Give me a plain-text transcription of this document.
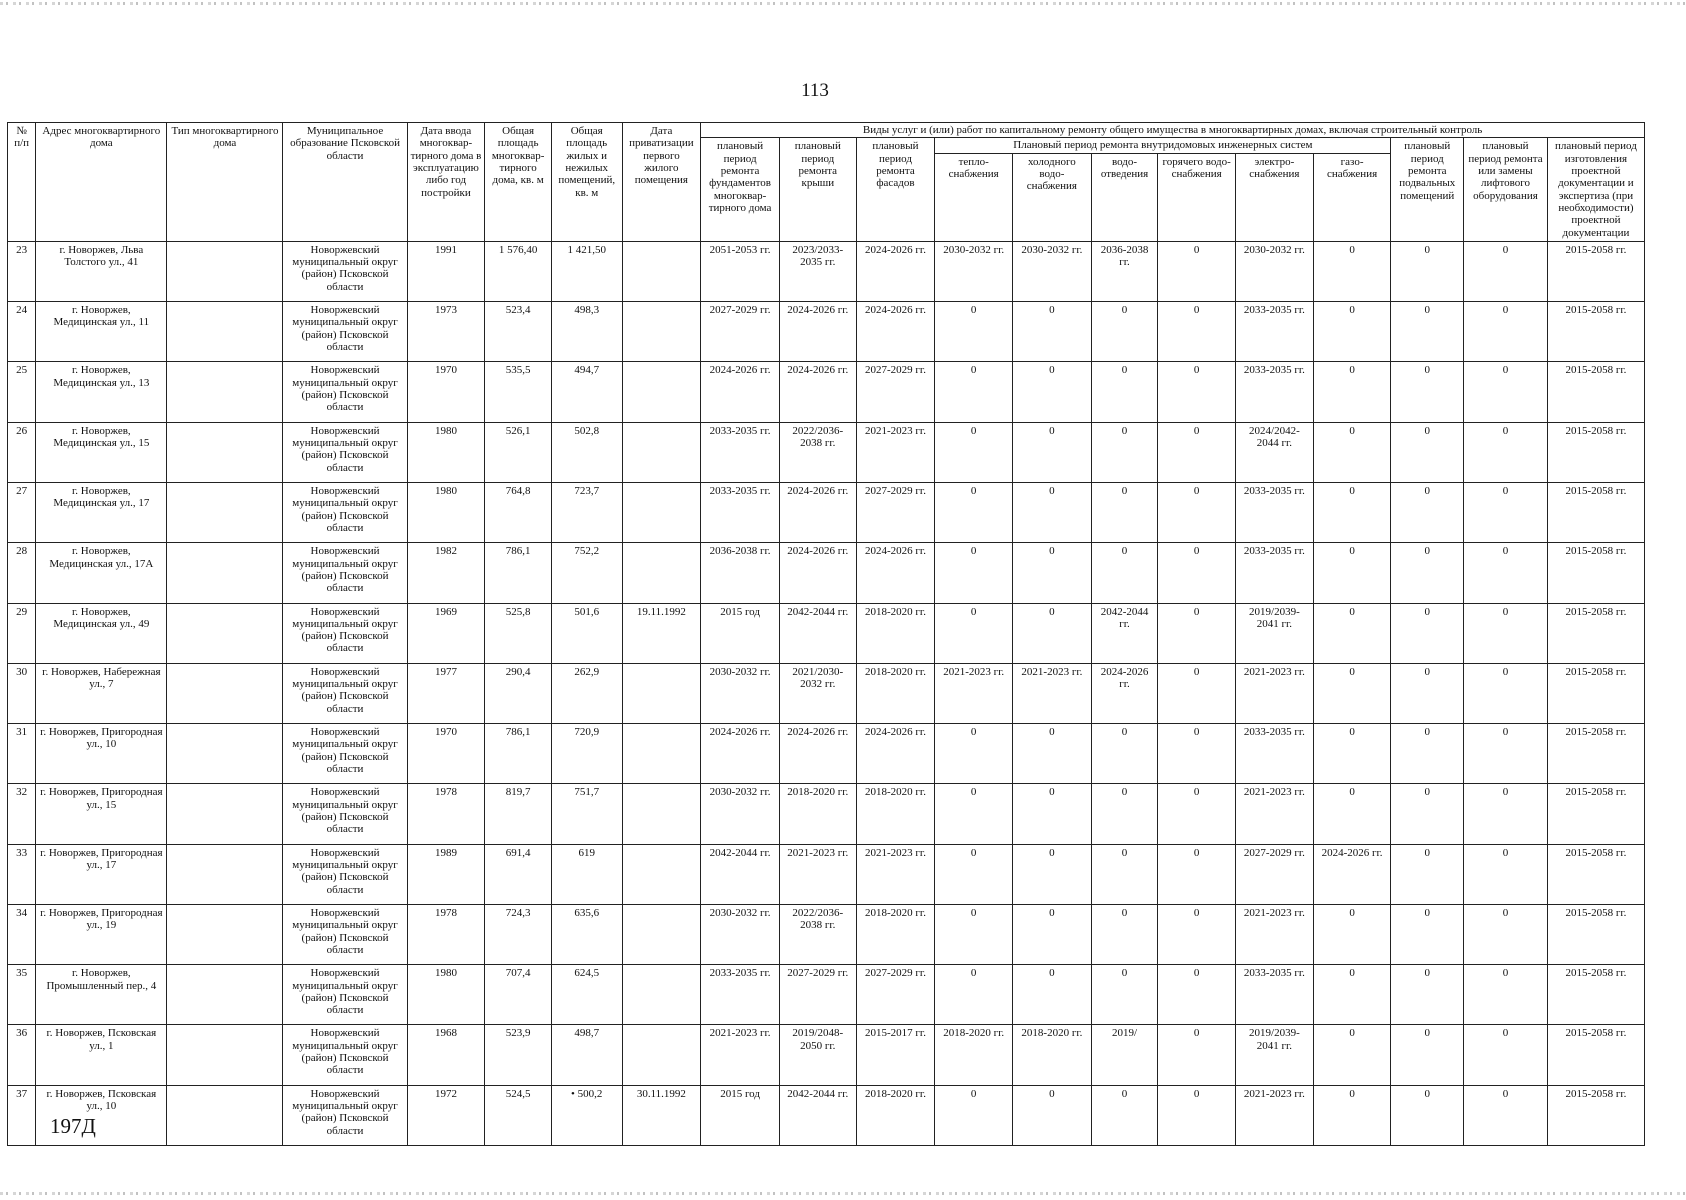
113
№ п/п	Адрес многоквартирного дома	Тип многоквартирного дома	Муниципальное образование Псковской области	Дата ввода многоквар-тирного дома в эксплуатацию либо год постройки	Общая площадь многоквар-тирного дома, кв. м	Общая площадь жилых и нежилых помещений, кв. м	Дата приватизации первого жилого помещения	Виды услуг и (или) работ по капитальному ремонту общего имущества в многоквартирных домах, включая строительный контроль											
								плановый период ремонта фундаментов многоквар-тирного дома	плановый период ремонта крыши	плановый период ремонта фасадов	Плановый период ремонта внутридомовых инженерных систем						плановый период ремонта подвальных помещений	плановый период ремонта или замены лифтового оборудования	плановый период изготовления проектной документации и экспертиза (при необходимости) проектной документации
											тепло-снабжения	холодного водо-снабжения	водо-отведения	горячего водо-снабжения	электро-снабжения	газо-снабжения			
23	г. Новоржев, Льва Толстого ул., 41		Новоржевский муниципальный округ (район) Псковской области	1991	1 576,40	1 421,50		2051-2053 гг.	2023/2033-2035 гг.	2024-2026 гг.	2030-2032 гг.	2030-2032 гг.	2036-2038 гг.	0	2030-2032 гг.	0	0	0	2015-2058 гг.
24	г. Новоржев, Медицинская ул., 11		Новоржевский муниципальный округ (район) Псковской области	1973	523,4	498,3		2027-2029 гг.	2024-2026 гг.	2024-2026 гг.	0	0	0	0	2033-2035 гг.	0	0	0	2015-2058 гг.
25	г. Новоржев, Медицинская ул., 13		Новоржевский муниципальный округ (район) Псковской области	1970	535,5	494,7		2024-2026 гг.	2024-2026 гг.	2027-2029 гг.	0	0	0	0	2033-2035 гг.	0	0	0	2015-2058 гг.
26	г. Новоржев, Медицинская ул., 15		Новоржевский муниципальный округ (район) Псковской области	1980	526,1	502,8		2033-2035 гг.	2022/2036-2038 гг.	2021-2023 гг.	0	0	0	0	2024/2042-2044 гг.	0	0	0	2015-2058 гг.
27	г. Новоржев, Медицинская ул., 17		Новоржевский муниципальный округ (район) Псковской области	1980	764,8	723,7		2033-2035 гг.	2024-2026 гг.	2027-2029 гг.	0	0	0	0	2033-2035 гг.	0	0	0	2015-2058 гг.
28	г. Новоржев, Медицинская ул., 17А		Новоржевский муниципальный округ (район) Псковской области	1982	786,1	752,2		2036-2038 гг.	2024-2026 гг.	2024-2026 гг.	0	0	0	0	2033-2035 гг.	0	0	0	2015-2058 гг.
29	г. Новоржев, Медицинская ул., 49		Новоржевский муниципальный округ (район) Псковской области	1969	525,8	501,6	19.11.1992	2015 год	2042-2044 гг.	2018-2020 гг.	0	0	2042-2044 гг.	0	2019/2039-2041 гг.	0	0	0	2015-2058 гг.
30	г. Новоржев, Набережная ул., 7		Новоржевский муниципальный округ (район) Псковской области	1977	290,4	262,9		2030-2032 гг.	2021/2030-2032 гг.	2018-2020 гг.	2021-2023 гг.	2021-2023 гг.	2024-2026 гг.	0	2021-2023 гг.	0	0	0	2015-2058 гг.
31	г. Новоржев, Пригородная ул., 10		Новоржевский муниципальный округ (район) Псковской области	1970	786,1	720,9		2024-2026 гг.	2024-2026 гг.	2024-2026 гг.	0	0	0	0	2033-2035 гг.	0	0	0	2015-2058 гг.
32	г. Новоржев, Пригородная ул., 15		Новоржевский муниципальный округ (район) Псковской области	1978	819,7	751,7		2030-2032 гг.	2018-2020 гг.	2018-2020 гг.	0	0	0	0	2021-2023 гг.	0	0	0	2015-2058 гг.
33	г. Новоржев, Пригородная ул., 17		Новоржевский муниципальный округ (район) Псковской области	1989	691,4	619		2042-2044 гг.	2021-2023 гг.	2021-2023 гг.	0	0	0	0	2027-2029 гг.	2024-2026 гг.	0	0	2015-2058 гг.
34	г. Новоржев, Пригородная ул., 19		Новоржевский муниципальный округ (район) Псковской области	1978	724,3	635,6		2030-2032 гг.	2022/2036-2038 гг.	2018-2020 гг.	0	0	0	0	2021-2023 гг.	0	0	0	2015-2058 гг.
35	г. Новоржев, Промышленный пер., 4		Новоржевский муниципальный округ (район) Псковской области	1980	707,4	624,5		2033-2035 гг.	2027-2029 гг.	2027-2029 гг.	0	0	0	0	2033-2035 гг.	0	0	0	2015-2058 гг.
36	г. Новоржев, Псковская ул., 1		Новоржевский муниципальный округ (район) Псковской области	1968	523,9	498,7		2021-2023 гг.	2019/2048-2050 гг.	2015-2017 гг.	2018-2020 гг.	2018-2020 гг.	2019/	0	2019/2039-2041 гг.	0	0	0	2015-2058 гг.
37	г. Новоржев, Псковская ул., 10		Новоржевский муниципальный округ (район) Псковской области	1972	524,5	• 500,2	30.11.1992	2015 год	2042-2044 гг.	2018-2020 гг.	0	0	0	0	2021-2023 гг.	0	0	0	2015-2058 гг.
197Д
